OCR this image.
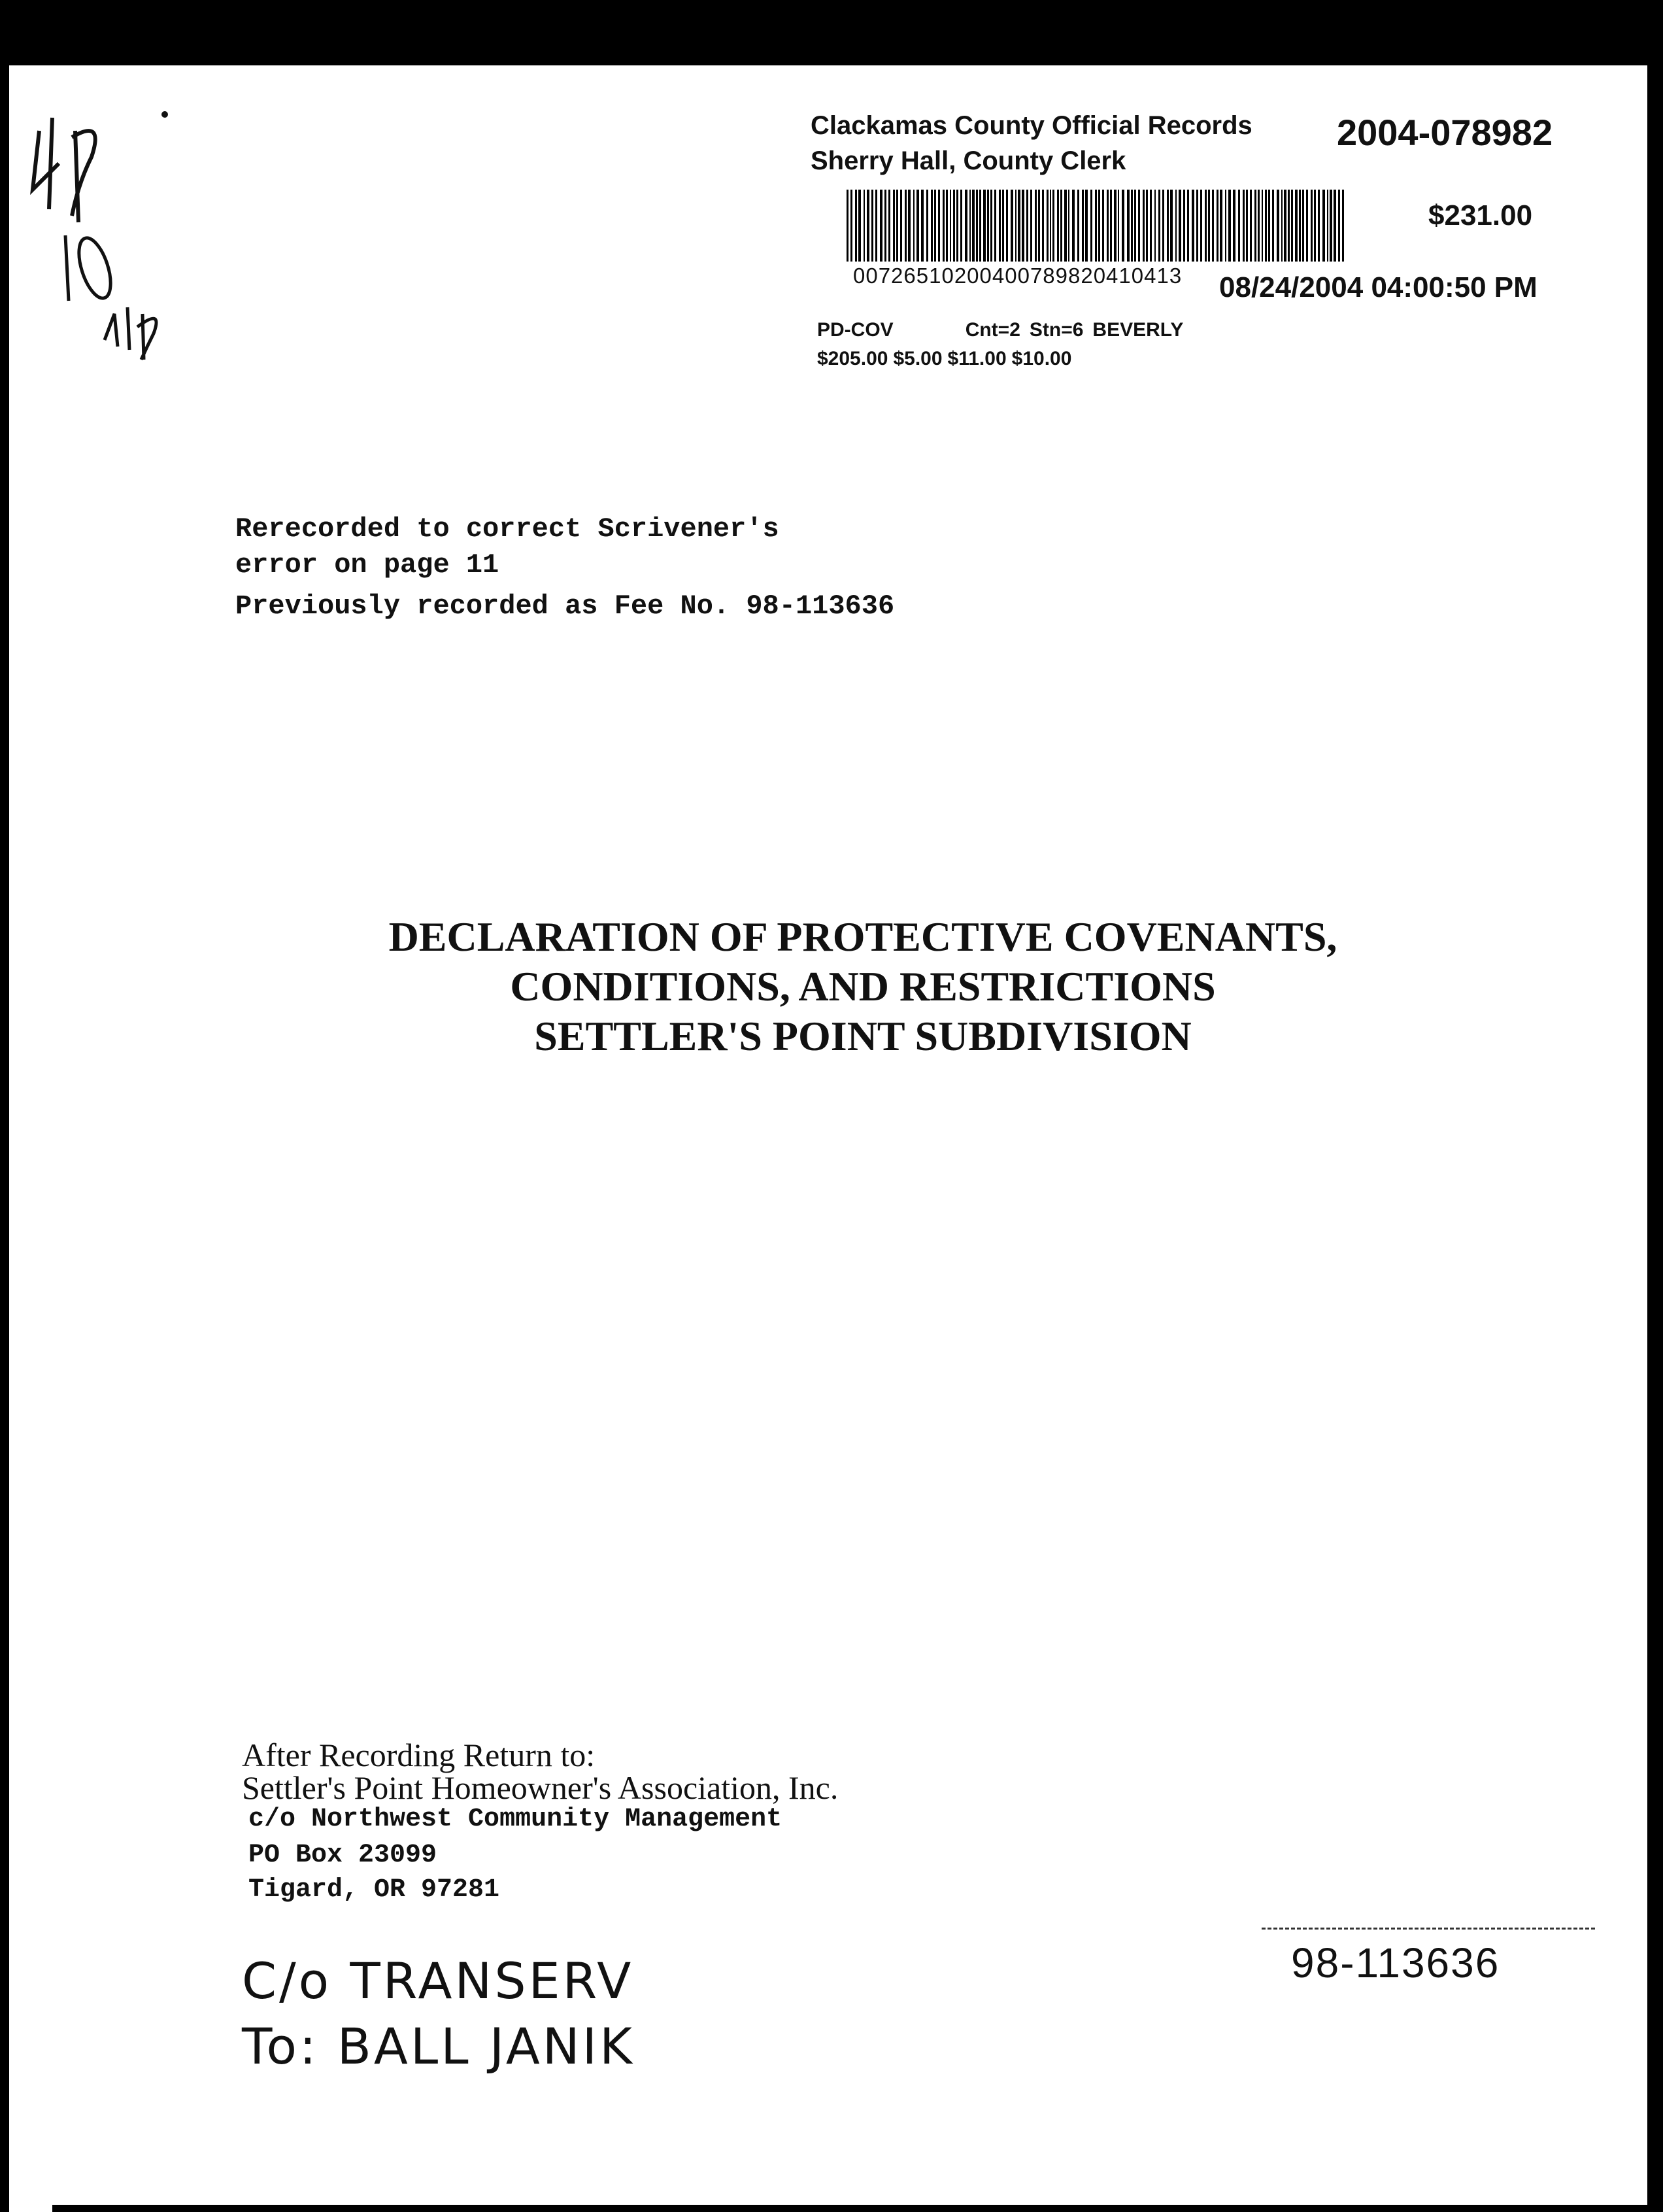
Clackamas County Official Records
Sherry Hall, County Clerk
2004-078982
$231.00
00726510200400789820410413 08/24/2004 04:00:50 PM
PD-COV	Cnt=2 Stn=6 BEVERLY
$205.00 $5.00 $11.00 $10.00
Rerecorded to correct Scrivener's
error on page 11
Previously recorded as Fee No. 98-113636
DECLARATION OF PROTECTIVE COVENANTS,
CONDITIONS, AND RESTRICTIONS
SETTLER'S POINT SUBDIVISION
After Recording Return to:
Settler's Point Homeowner's Association, Inc.
c/o Northwest Community Management
PO Box 23099
Tigard, OR 97281
98-113636
C/o TRANSERV
To: BALL JANIK
